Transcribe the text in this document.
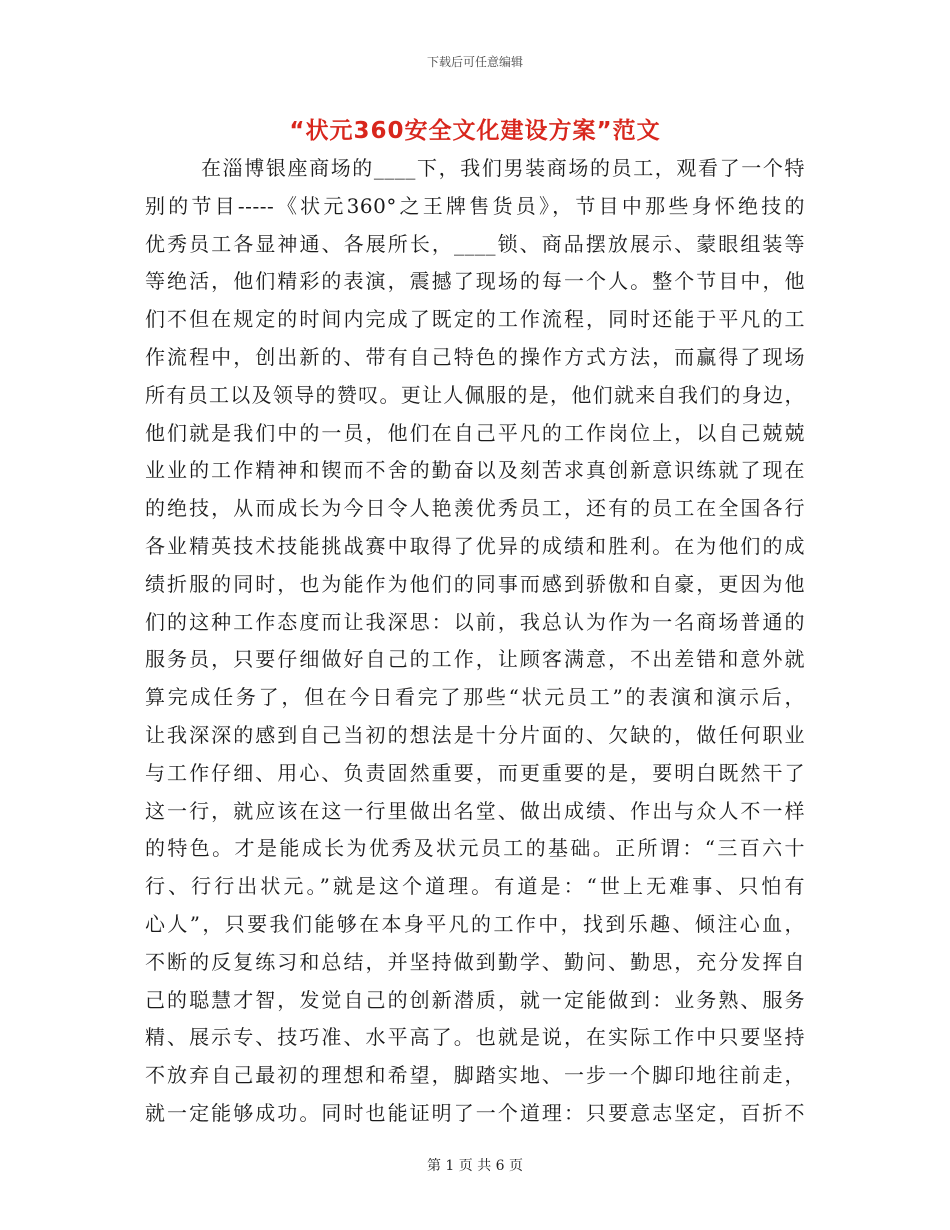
下载后可任意编辑
“状元360安全文化建设方案”范文
在淄博银座商场的____下，我们男装商场的员工，观看了一个特
别的节目-----《状元360°之王牌售货员》，节目中那些身怀绝技的
优秀员工各显神通、各展所长，____锁、商品摆放展示、蒙眼组装等
等绝活，他们精彩的表演，震撼了现场的每一个人。整个节目中，他
们不但在规定的时间内完成了既定的工作流程，同时还能于平凡的工
作流程中，创出新的、带有自己特色的操作方式方法，而赢得了现场
所有员工以及领导的赞叹。更让人佩服的是，他们就来自我们的身边，
他们就是我们中的一员，他们在自己平凡的工作岗位上，以自己兢兢
业业的工作精神和锲而不舍的勤奋以及刻苦求真创新意识练就了现在
的绝技，从而成长为今日令人艳羡优秀员工，还有的员工在全国各行
各业精英技术技能挑战赛中取得了优异的成绩和胜利。在为他们的成
绩折服的同时，也为能作为他们的同事而感到骄傲和自豪，更因为他
们的这种工作态度而让我深思：以前，我总认为作为一名商场普通的
服务员，只要仔细做好自己的工作，让顾客满意，不出差错和意外就
算完成任务了，但在今日看完了那些“状元员工”的表演和演示后，
让我深深的感到自己当初的想法是十分片面的、欠缺的，做任何职业
与工作仔细、用心、负责固然重要，而更重要的是，要明白既然干了
这一行，就应该在这一行里做出名堂、做出成绩、作出与众人不一样
的特色。才是能成长为优秀及状元员工的基础。正所谓：“三百六十
行、行行出状元。”就是这个道理。有道是：“世上无难事、只怕有
心人”，只要我们能够在本身平凡的工作中，找到乐趣、倾注心血，
不断的反复练习和总结，并坚持做到勤学、勤问、勤思，充分发挥自
己的聪慧才智，发觉自己的创新潜质，就一定能做到：业务熟、服务
精、展示专、技巧准、水平高了。也就是说，在实际工作中只要坚持
不放弃自己最初的理想和希望，脚踏实地、一步一个脚印地往前走，
就一定能够成功。同时也能证明了一个道理：只要意志坚定，百折不
第 1 页 共 6 页
